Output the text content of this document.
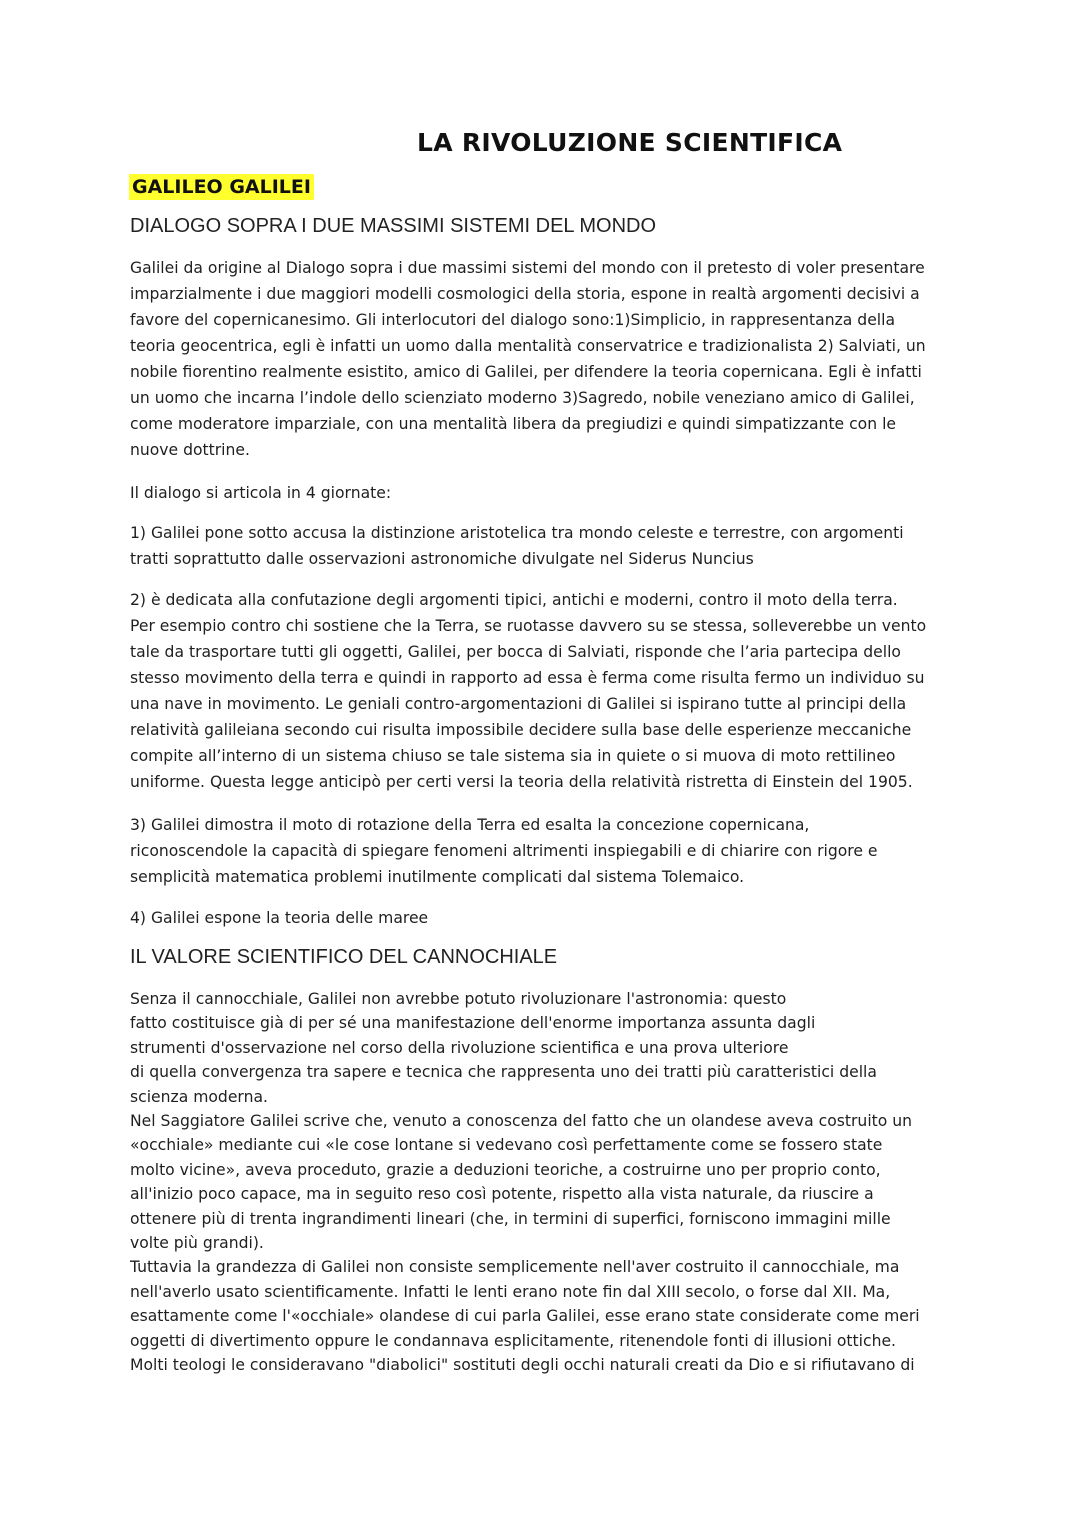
LA RIVOLUZIONE SCIENTIFICA
GALILEO GALILEI
DIALOGO SOPRA I DUE MASSIMI SISTEMI DEL MONDO

Galilei da origine al Dialogo sopra i due massimi sistemi del mondo con il pretesto di voler presentare
imparzialmente i due maggiori modelli cosmologici della storia, espone in realtà argomenti decisivi a
favore del copernicanesimo. Gli interlocutori del dialogo sono:1)Simplicio, in rappresentanza della
teoria geocentrica, egli è infatti un uomo dalla mentalità conservatrice e tradizionalista 2) Salviati, un
nobile fiorentino realmente esistito, amico di Galilei, per difendere la teoria copernicana. Egli è infatti
un uomo che incarna l’indole dello scienziato moderno 3)Sagredo, nobile veneziano amico di Galilei,
come moderatore imparziale, con una mentalità libera da pregiudizi e quindi simpatizzante con le
nuove dottrine.

Il dialogo si articola in 4 giornate:

1) Galilei pone sotto accusa la distinzione aristotelica tra mondo celeste e terrestre, con argomenti
tratti soprattutto dalle osservazioni astronomiche divulgate nel Siderus Nuncius

2) è dedicata alla confutazione degli argomenti tipici, antichi e moderni, contro il moto della terra.
Per esempio contro chi sostiene che la Terra, se ruotasse davvero su se stessa, solleverebbe un vento
tale da trasportare tutti gli oggetti, Galilei, per bocca di Salviati, risponde che l’aria partecipa dello
stesso movimento della terra e quindi in rapporto ad essa è ferma come risulta fermo un individuo su
una nave in movimento. Le geniali contro-argomentazioni di Galilei si ispirano tutte al principi della
relatività galileiana secondo cui risulta impossibile decidere sulla base delle esperienze meccaniche
compite all’interno di un sistema chiuso se tale sistema sia in quiete o si muova di moto rettilineo
uniforme. Questa legge anticipò per certi versi la teoria della relatività ristretta di Einstein del 1905.

3) Galilei dimostra il moto di rotazione della Terra ed esalta la concezione copernicana,
riconoscendole la capacità di spiegare fenomeni altrimenti inspiegabili e di chiarire con rigore e
semplicità matematica problemi inutilmente complicati dal sistema Tolemaico.

4) Galilei espone la teoria delle maree

IL VALORE SCIENTIFICO DEL CANNOCHIALE

Senza il cannocchiale, Galilei non avrebbe potuto rivoluzionare l'astronomia: questo
fatto costituisce già di per sé una manifestazione dell'enorme importanza assunta dagli
strumenti d'osservazione nel corso della rivoluzione scientifica e una prova ulteriore
di quella convergenza tra sapere e tecnica che rappresenta uno dei tratti più caratteristici della
scienza moderna.
Nel Saggiatore Galilei scrive che, venuto a conoscenza del fatto che un olandese aveva costruito un
«occhiale» mediante cui «le cose lontane si vedevano così perfettamente come se fossero state
molto vicine», aveva proceduto, grazie a deduzioni teoriche, a costruirne uno per proprio conto,
all'inizio poco capace, ma in seguito reso così potente, rispetto alla vista naturale, da riuscire a
ottenere più di trenta ingrandimenti lineari (che, in termini di superfici, forniscono immagini mille
volte più grandi).
Tuttavia la grandezza di Galilei non consiste semplicemente nell'aver costruito il cannocchiale, ma
nell'averlo usato scientificamente. Infatti le lenti erano note fin dal XIII secolo, o forse dal XII. Ma,
esattamente come l'«occhiale» olandese di cui parla Galilei, esse erano state considerate come meri
oggetti di divertimento oppure le condannava esplicitamente, ritenendole fonti di illusioni ottiche.
Molti teologi le consideravano "diabolici" sostituti degli occhi naturali creati da Dio e si rifiutavano di
